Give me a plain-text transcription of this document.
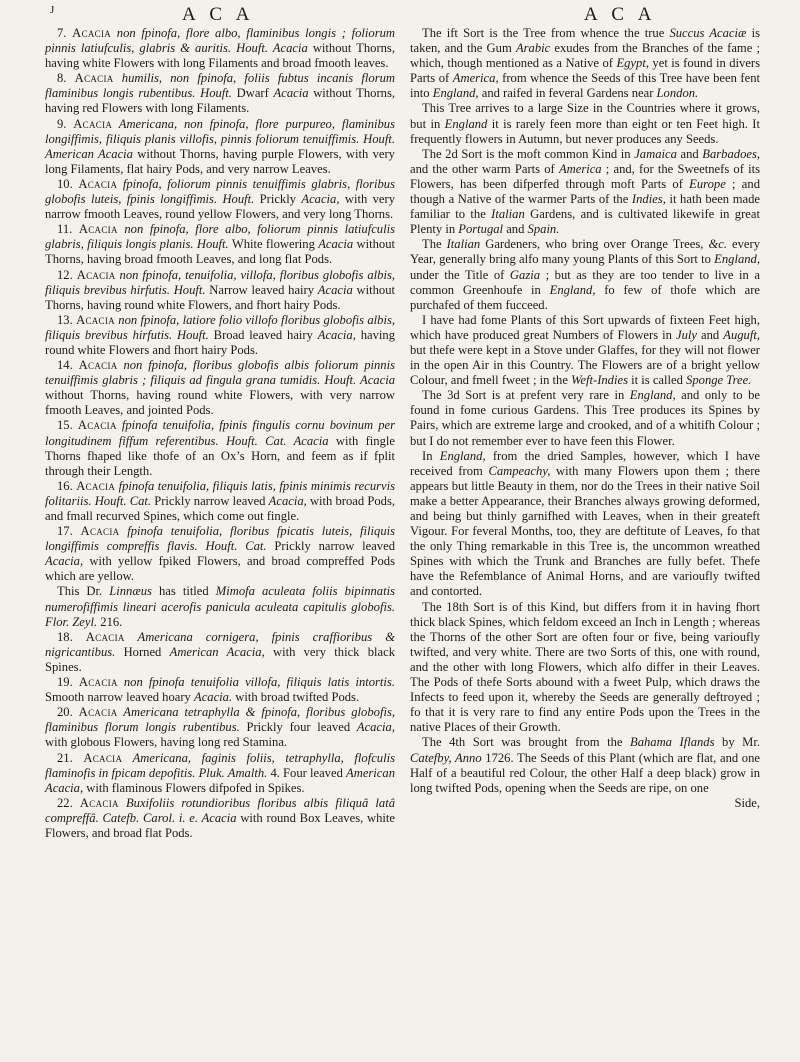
J	A C A	A C A

7. Acacia non fpinofa, flore albo, flaminibus longis ; foliorum pinnis latiufculis, glabris & auritis. Houft. Acacia without Thorns, having white Flowers with long Filaments and broad fmooth leaves.

8. Acacia humilis, non fpinofa, foliis fubtus incanis florum flaminibus longis rubentibus. Houft. Dwarf Acacia without Thorns, having red Flowers with long Filaments.

9. Acacia Americana, non fpinofa, flore purpureo, flaminibus longiffimis, filiquis planis villofis, pinnis foliorum tenuiffimis. Houft. American Acacia without Thorns, having purple Flowers, with very long Filaments, flat hairy Pods, and very narrow Leaves.

10. Acacia fpinofa, foliorum pinnis tenuiffimis glabris, floribus globofis luteis, fpinis longiffimis. Houft. Prickly Acacia, with very narrow fmooth Leaves, round yellow Flowers, and very long Thorns.

11. Acacia non fpinofa, flore albo, foliorum pinnis latiufculis glabris, filiquis longis planis. Houft. White flowering Acacia without Thorns, having broad fmooth Leaves, and long flat Pods.

12. Acacia non fpinofa, tenuifolia, villofa, floribus globofis albis, filiquis brevibus hirfutis. Houft. Narrow leaved hairy Acacia without Thorns, having round white Flowers, and fhort hairy Pods.

13. Acacia non fpinofa, latiore folio villofo floribus globofis albis, filiquis brevibus hirfutis. Houft. Broad leaved hairy Acacia, having round white Flowers and fhort hairy Pods.

14. Acacia non fpinofa, floribus globofis albis foliorum pinnis tenuiffimis glabris ; filiquis ad fingula grana tumidis. Houft. Acacia without Thorns, having round white Flowers, with very narrow fmooth Leaves, and jointed Pods.

15. Acacia fpinofa tenuifolia, fpinis fingulis cornu bovinum per longitudinem fiffum referentibus. Houft. Cat. Acacia with fingle Thorns fhaped like thofe of an Ox’s Horn, and feem as if fplit through their Length.

16. Acacia fpinofa tenuifolia, filiquis latis, fpinis minimis recurvis folitariis. Houft. Cat. Prickly narrow leaved Acacia, with broad Pods, and fmall recurved Spines, which come out fingle.

17. Acacia fpinofa tenuifolia, floribus fpicatis luteis, filiquis longiffimis compreffis flavis. Houft. Cat. Prickly narrow leaved Acacia, with yellow fpiked Flowers, and broad compreffed Pods which are yellow.

This Dr. Linnæus has titled Mimofa aculeata foliis bipinnatis numerofiffimis lineari acerofis panicula aculeata capitulis globofis. Flor. Zeyl. 216.

18. Acacia Americana cornigera, fpinis craffioribus & nigricantibus. Horned American Acacia, with very thick black Spines.

19. Acacia non fpinofa tenuifolia villofa, filiquis latis intortis. Smooth narrow leaved hoary Acacia. with broad twifted Pods.

20. Acacia Americana tetraphylla & fpinofa, floribus globofis, flaminibus florum longis rubentibus. Prickly four leaved Acacia, with globous Flowers, having long red Stamina.

21. Acacia Americana, faginis foliis, tetraphylla, flofculis flaminofis in fpicam depofitis. Pluk. Amalth. 4. Four leaved American Acacia, with flaminous Flowers difpofed in Spikes.

22. Acacia Buxifoliis rotundioribus floribus albis filiquâ latâ compreffâ. Catefb. Carol. i. e. Acacia with round Box Leaves, white Flowers, and broad flat Pods.

The ift Sort is the Tree from whence the true Succus Acaciæ is taken, and the Gum Arabic exudes from the Branches of the fame ; which, though mentioned as a Native of Egypt, yet is found in divers Parts of America, from whence the Seeds of this Tree have been fent into England, and raifed in feveral Gardens near London.

This Tree arrives to a large Size in the Countries where it grows, but in England it is rarely feen more than eight or ten Feet high. It frequently flowers in Autumn, but never produces any Seeds.

The 2d Sort is the moft common Kind in Jamaica and Barbadoes, and the other warm Parts of America ; and, for the Sweetnefs of its Flowers, has been difperfed through moft Parts of Europe ; and though a Native of the warmer Parts of the Indies, it hath been made familiar to the Italian Gardens, and is cultivated likewife in great Plenty in Portugal and Spain.

The Italian Gardeners, who bring over Orange Trees, &c. every Year, generally bring alfo many young Plants of this Sort to England, under the Title of Gazia ; but as they are too tender to live in a common Greenhoufe in England, fo few of thofe which are purchafed of them fucceed.

I have had fome Plants of this Sort upwards of fixteen Feet high, which have produced great Numbers of Flowers in July and Auguft, but thefe were kept in a Stove under Glaffes, for they will not flower in the open Air in this Country. The Flowers are of a bright yellow Colour, and fmell fweet ; in the Weft-Indies it is called Sponge Tree.

The 3d Sort is at prefent very rare in England, and only to be found in fome curious Gardens. This Tree produces its Spines by Pairs, which are extreme large and crooked, and of a whitifh Colour ; but I do not remember ever to have feen this Flower.

In England, from the dried Samples, however, which I have received from Campeachy, with many Flowers upon them ; there appears but little Beauty in them, nor do the Trees in their native Soil make a better Appearance, their Branches always growing deformed, and being but thinly garnifhed with Leaves, when in their greateft Vigour. For feveral Months, too, they are deftitute of Leaves, fo that the only Thing remarkable in this Tree is, the uncommon wreathed Spines with which the Trunk and Branches are fully befet. Thefe have the Refemblance of Animal Horns, and are varioufly twifted and contorted.

The 18th Sort is of this Kind, but differs from it in having fhort thick black Spines, which feldom exceed an Inch in Length ; whereas the Thorns of the other Sort are often four or five, being varioufly twifted, and very white. There are two Sorts of this, one with round, and the other with long Flowers, which alfo differ in their Leaves. The Pods of thefe Sorts abound with a fweet Pulp, which draws the Infects to feed upon it, whereby the Seeds are generally deftroyed ; fo that it is very rare to find any entire Pods upon the Trees in the native Places of their Growth.

The 4th Sort was brought from the Bahama Iflands by Mr. Catefby, Anno 1726. The Seeds of this Plant (which are flat, and one Half of a beautiful red Colour, the other Half a deep black) grow in long twifted Pods, opening when the Seeds are ripe, on one

Side,
